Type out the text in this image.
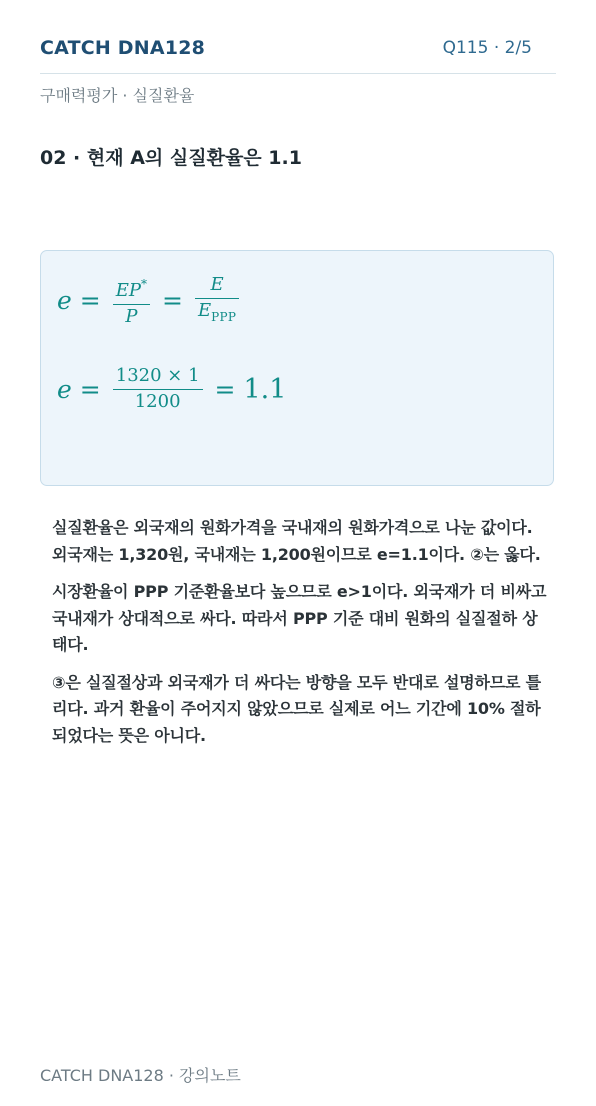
CATCH DNA128	Q115 · 2/5
구매력평가 · 실질환율
02 · 현재 A의 실질환율은 1.1
$e = \frac{EP^*}{P} = \frac{E}{E_{PPP}}$
$e = \frac{1320 \times 1}{1200} = 1.1$

실질환율은 외국재의 원화가격을 국내재의 원화가격으로 나눈 값이다. 외국재는 1,320원, 국내재는 1,200원이므로 e=1.1이다. ②는 옳다.

시장환율이 PPP 기준환율보다 높으므로 e>1이다. 외국재가 더 비싸고 국내재가 상대적으로 싸다. 따라서 PPP 기준 대비 원화의 실질절하 상태다.

③은 실질절상과 외국재가 더 싸다는 방향을 모두 반대로 설명하므로 틀리다. 과거 환율이 주어지지 않았으므로 실제로 어느 기간에 10% 절하되었다는 뜻은 아니다.

CATCH DNA128 · 강의노트
